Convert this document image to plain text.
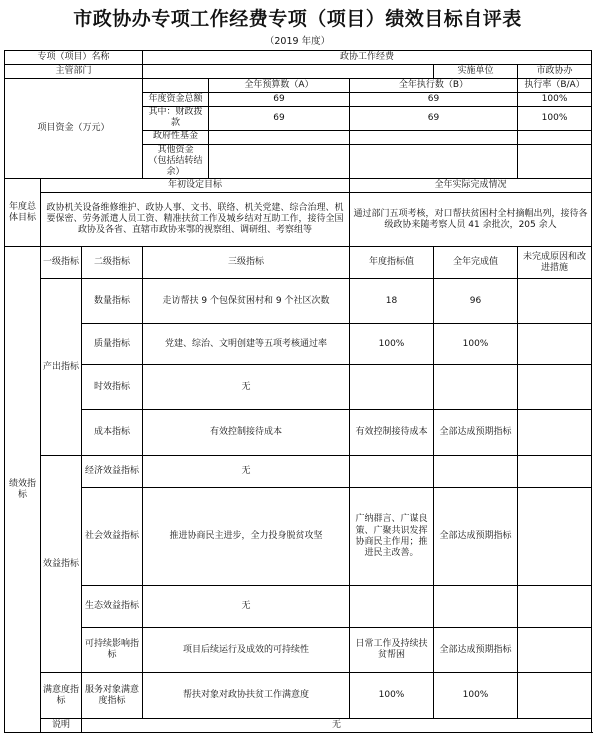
市政协办专项工作经费专项（项目）绩效目标自评表
（2019 年度）
专项（项目）名称			政协工作经费				
主管部门						实施单位	市政协办
项目资金（万元）				全年预算数（A）	全年执行数（B）		执行率（B/A）
			年度资金总额	69	69		100%
			其中：财政拨款	69	69		100%
			政府性基金				
			其他资金
（包括结转结余）				
年度总体目标	年初设定目标				全年实际完成情况		
	政协机关设备维修维护、政协人事、文书、联络、机关党建、综合治理、机要保密、劳务派遣人员工资、精准扶贫工作及城乡结对互助工作，接待全国政协及各省、直辖市政协来鄂的视察组、调研组、考察组等				通过部门五项考核，对口帮扶贫困村全村摘帽出列，接待各级政协来随考察人员 41 余批次，205 余人		
绩效指标	一级指标	二级指标	三级指标		年度指标值	全年完成值	未完成原因和改进措施
	产出指标	数量指标	走访帮扶 9 个包保贫困村和 9 个社区次数		18	96	
		质量指标	党建、综治、文明创建等五项考核通过率		100%	100%	
		时效指标	无				
		成本指标	有效控制接待成本		有效控制接待成本	全部达成预期指标	
	效益指标	经济效益指标	无				
		社会效益指标	推进协商民主进步，全力投身脱贫攻坚		广纳群言、广谋良策、广聚共识发挥协商民主作用；推进民主改善。	全部达成预期指标	
		生态效益指标	无				
		可持续影响指标	项目后续运行及成效的可持续性		日常工作及持续扶贫帮困	全部达成预期指标	
	满意度指标	服务对象满意度指标	帮扶对象对政协扶贫工作满意度		100%	100%	
	说明	无					
